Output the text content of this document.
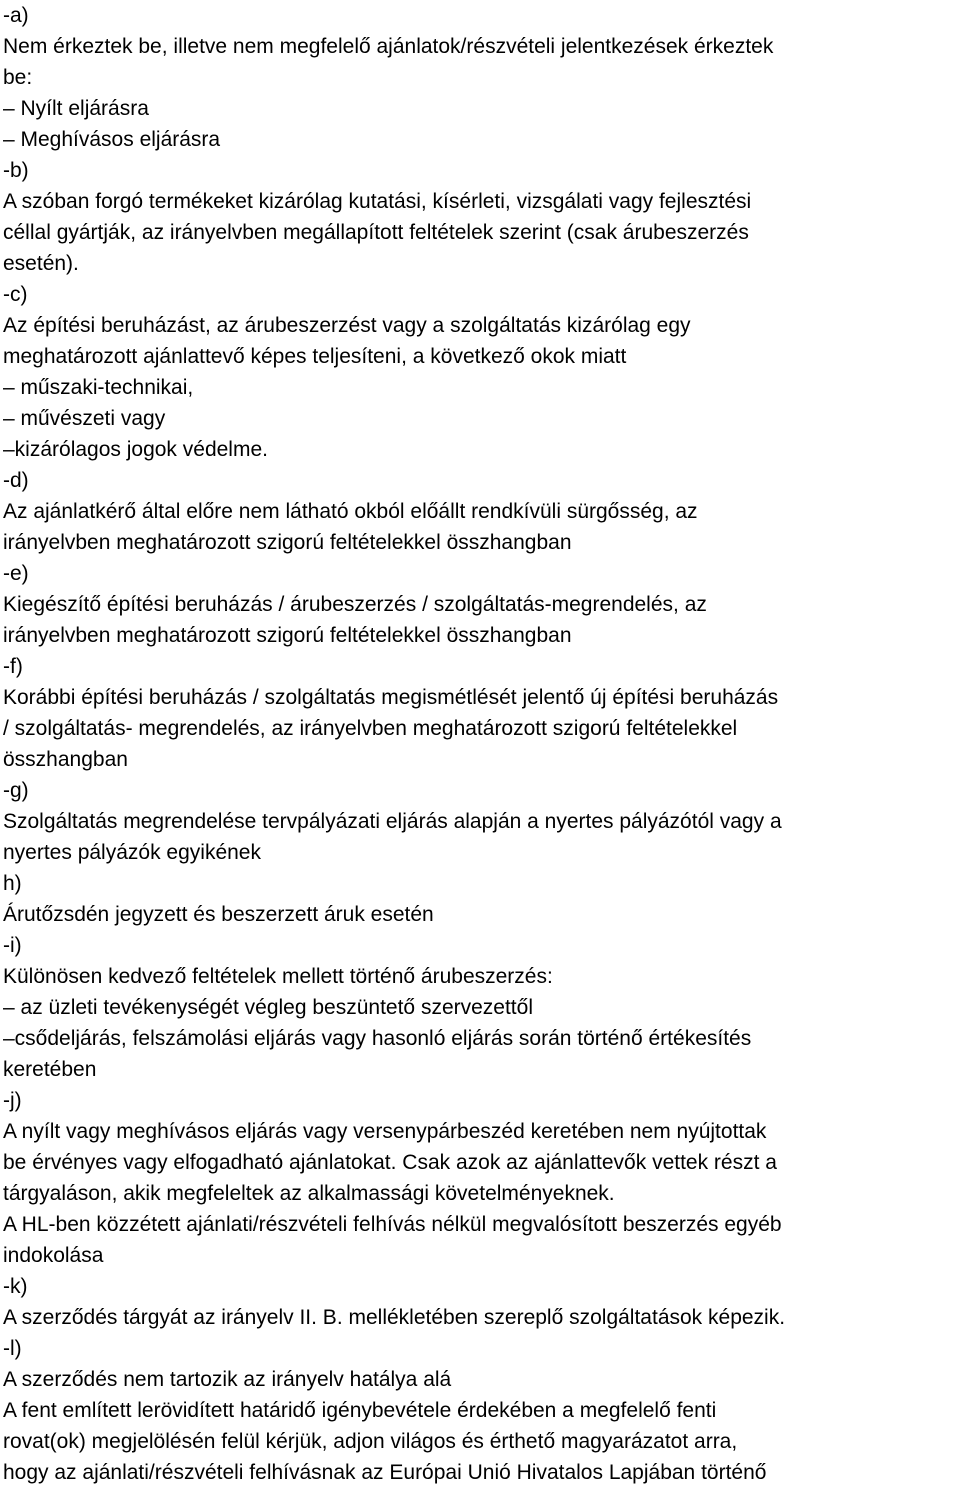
-a)
Nem érkeztek be, illetve nem megfelelő ajánlatok/részvételi jelentkezések érkeztek
be:
– Nyílt eljárásra
– Meghívásos eljárásra
-b)
A szóban forgó termékeket kizárólag kutatási, kísérleti, vizsgálati vagy fejlesztési
céllal gyártják, az irányelvben megállapított feltételek szerint (csak árubeszerzés
esetén).
-c)
Az építési beruházást, az árubeszerzést vagy a szolgáltatás kizárólag egy
meghatározott ajánlattevő képes teljesíteni, a következő okok miatt
– műszaki-technikai,
– művészeti vagy
–kizárólagos jogok védelme.
-d)
Az ajánlatkérő által előre nem látható okból előállt rendkívüli sürgősség, az
irányelvben meghatározott szigorú feltételekkel összhangban
-e)
Kiegészítő építési beruházás / árubeszerzés / szolgáltatás-megrendelés, az
irányelvben meghatározott szigorú feltételekkel összhangban
-f)
Korábbi építési beruházás / szolgáltatás megismétlését jelentő új építési beruházás
/ szolgáltatás- megrendelés, az irányelvben meghatározott szigorú feltételekkel
összhangban
-g)
Szolgáltatás megrendelése tervpályázati eljárás alapján a nyertes pályázótól vagy a
nyertes pályázók egyikének
h)
Árutőzsdén jegyzett és beszerzett áruk esetén
-i)
Különösen kedvező feltételek mellett történő árubeszerzés:
– az üzleti tevékenységét végleg beszüntető szervezettől
–csődeljárás, felszámolási eljárás vagy hasonló eljárás során történő értékesítés
keretében
-j)
A nyílt vagy meghívásos eljárás vagy versenypárbeszéd keretében nem nyújtottak
be érvényes vagy elfogadható ajánlatokat. Csak azok az ajánlattevők vettek részt a
tárgyaláson, akik megfeleltek az alkalmassági követelményeknek.
A HL-ben közzétett ajánlati/részvételi felhívás nélkül megvalósított beszerzés egyéb
indokolása
-k)
A szerződés tárgyát az irányelv II. B. mellékletében szereplő szolgáltatások képezik.
-l)
A szerződés nem tartozik az irányelv hatálya alá
A fent említett lerövidített határidő igénybevétele érdekében a megfelelő fenti
rovat(ok) megjelölésén felül kérjük, adjon világos és érthető magyarázatot arra,
hogy az ajánlati/részvételi felhívásnak az Európai Unió Hivatalos Lapjában történő
